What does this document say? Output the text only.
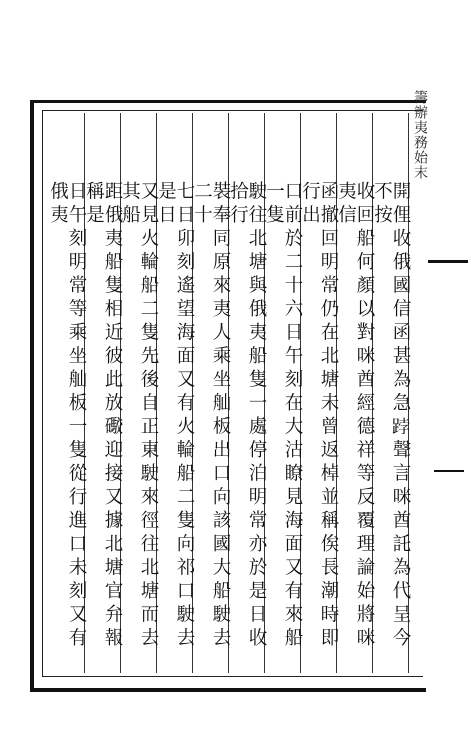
籌辦夷務始末
開俚收俄國信函甚為急𨁝聲言咪酋託為代呈今不按
收回船何顏以對咪酋經德祥等反覆理論始將咪夷信
函撤回明常仍在北塘未曾返棹並稱俟長潮時即行出
口前於二十六日午刻在大沽瞭見海面又有來船一隻
駛往北塘與俄夷船隻一處停泊明常亦於是日收拾行
裝奉同原來夷人乘坐舢板出口向該國大船駛去二十
七日卯刻遙望海面又有火輪船二隻向祁口駛去是日
又見火輪船二隻先後自正東駛來徑往北塘而去其船
距俄夷船隻相近彼此放礮迎接又據北塘官弁報稱是
日午刻明常等乘坐舢板一隻從行進口未刻又有俄夷
